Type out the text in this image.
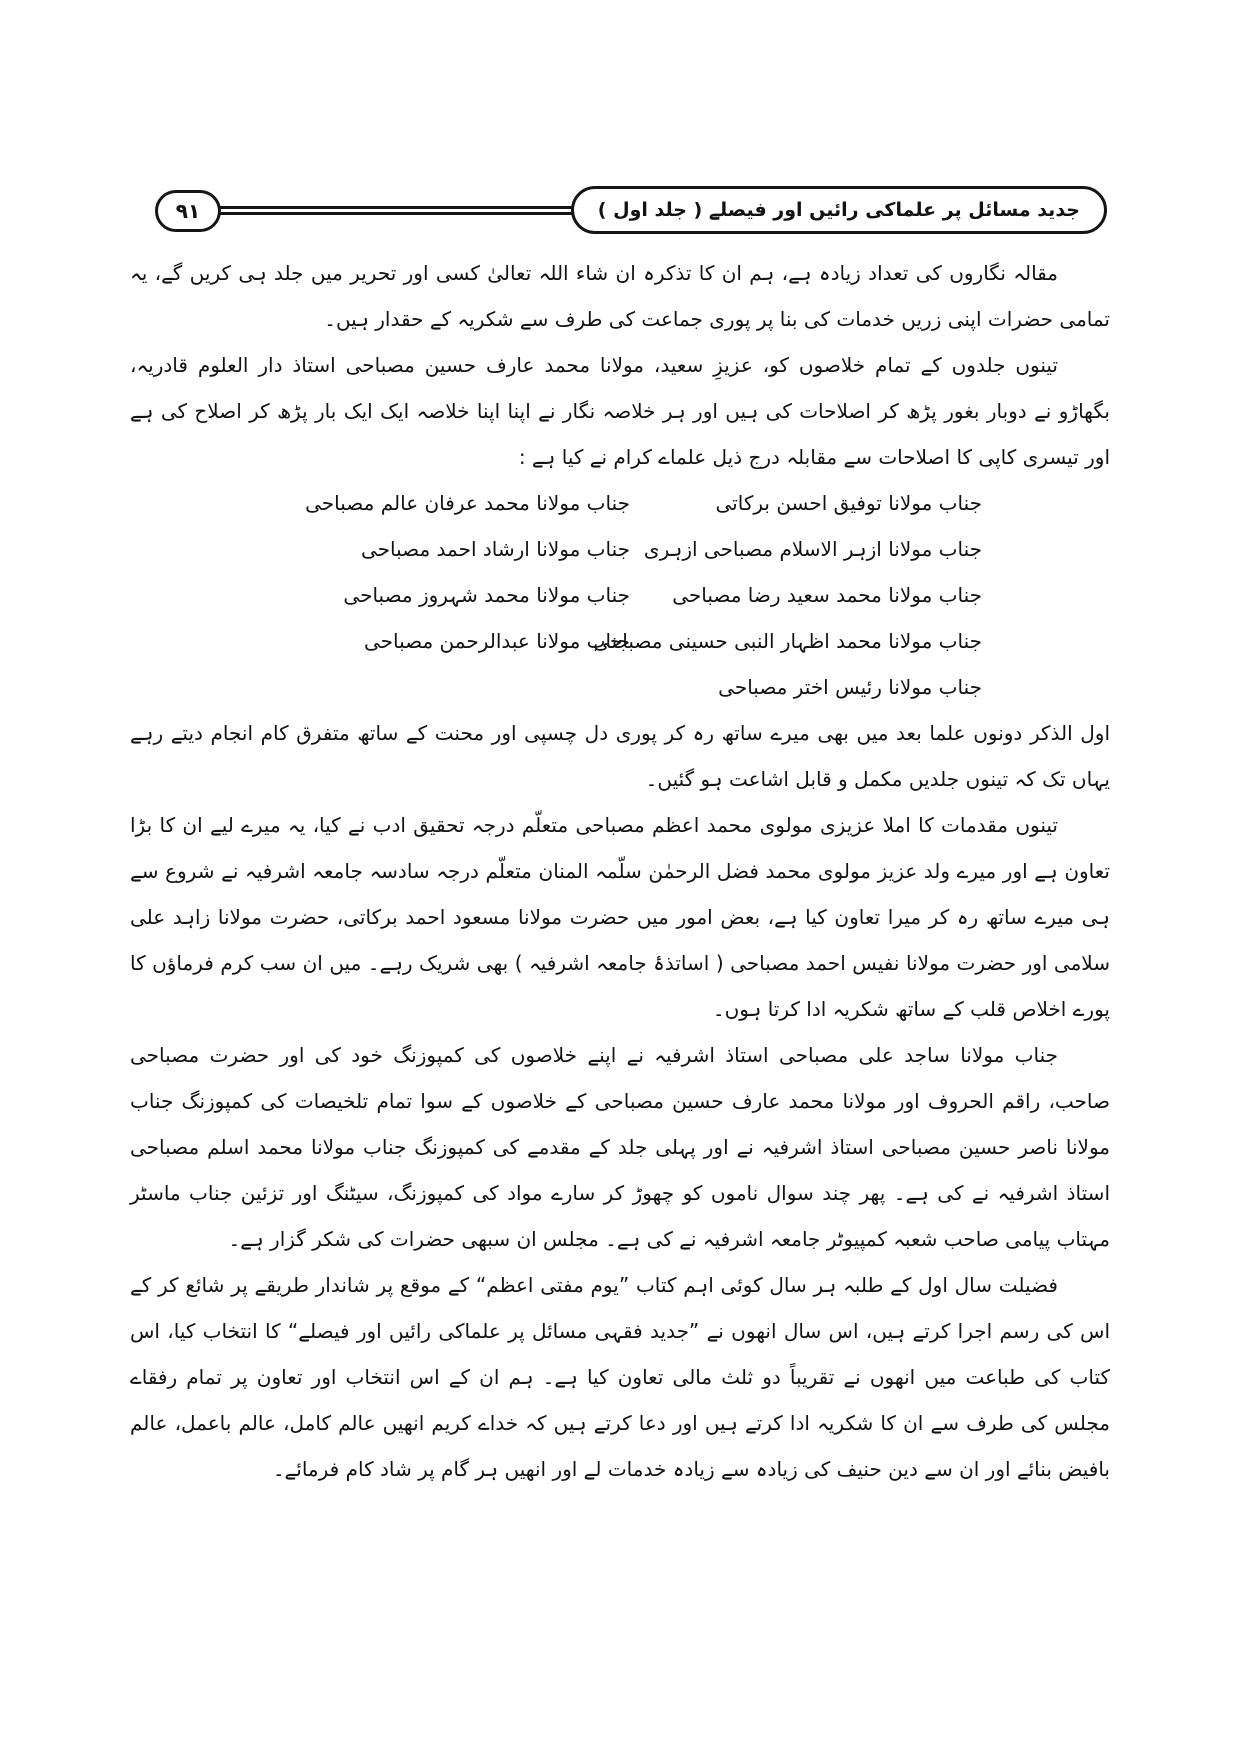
۹۱	جدید مسائل پر علماکی رائیں اور فیصلے ( جلد اول )

مقالہ نگاروں کی تعداد زیادہ ہے، ہم ان کا تذکرہ ان شاء اللہ تعالیٰ کسی اور تحریر میں جلد ہی کریں گے، یہ تمامی حضرات اپنی زریں خدمات کی بنا پر پوری جماعت کی طرف سے شکریہ کے حقدار ہیں۔

تینوں جلدوں کے تمام خلاصوں کو، عزیزِ سعید، مولانا محمد عارف حسین مصباحی استاذ دار العلوم قادریہ، بگھاڑو نے دوبار بغور پڑھ کر اصلاحات کی ہیں اور ہر خلاصہ نگار نے اپنا اپنا خلاصہ ایک ایک بار پڑھ کر اصلاح کی ہے اور تیسری کاپی کا اصلاحات سے مقابلہ درج ذیل علماے کرام نے کیا ہے :

جناب مولانا توفیق احسن برکاتی
جناب مولانا محمد عرفان عالم مصباحی
جناب مولانا ازہر الاسلام مصباحی ازہری
جناب مولانا ارشاد احمد مصباحی
جناب مولانا محمد سعید رضا مصباحی
جناب مولانا محمد شہروز مصباحی
جناب مولانا محمد اظہار النبی حسینی مصباحی
جناب مولانا عبدالرحمن مصباحی
جناب مولانا رئیس اختر مصباحی

اول الذکر دونوں علما بعد میں بھی میرے ساتھ رہ کر پوری دل چسپی اور محنت کے ساتھ متفرق کام انجام دیتے رہے یہاں تک کہ تینوں جلدیں مکمل و قابل اشاعت ہو گئیں۔

تینوں مقدمات کا املا عزیزی مولوی محمد اعظم مصباحی متعلّم درجہ تحقیق ادب نے کیا، یہ میرے لیے ان کا بڑا تعاون ہے اور میرے ولد عزیز مولوی محمد فضل الرحمٰن سلّمہ المنان متعلّم درجہ سادسہ جامعہ اشرفیہ نے شروع سے ہی میرے ساتھ رہ کر میرا تعاون کیا ہے، بعض امور میں حضرت مولانا مسعود احمد برکاتی، حضرت مولانا زاہد علی سلامی اور حضرت مولانا نفیس احمد مصباحی ( اساتذۂ جامعہ اشرفیہ ) بھی شریک رہے۔ میں ان سب کرم فرماؤں کا پورے اخلاص قلب کے ساتھ شکریہ ادا کرتا ہوں۔

جناب مولانا ساجد علی مصباحی استاذ اشرفیہ نے اپنے خلاصوں کی کمپوزنگ خود کی اور حضرت مصباحی صاحب، راقم الحروف اور مولانا محمد عارف حسین مصباحی کے خلاصوں کے سوا تمام تلخیصات کی کمپوزنگ جناب مولانا ناصر حسین مصباحی استاذ اشرفیہ نے اور پہلی جلد کے مقدمے کی کمپوزنگ جناب مولانا محمد اسلم مصباحی استاذ اشرفیہ نے کی ہے۔ پھر چند سوال ناموں کو چھوڑ کر سارے مواد کی کمپوزنگ، سیٹنگ اور تزئین جناب ماسٹر مہتاب پیامی صاحب شعبہ کمپیوٹر جامعہ اشرفیہ نے کی ہے۔ مجلس ان سبھی حضرات کی شکر گزار ہے۔

فضیلت سال اول کے طلبہ ہر سال کوئی اہم کتاب ”یوم مفتی اعظم“ کے موقع پر شاندار طریقے پر شائع کر کے اس کی رسم اجرا کرتے ہیں، اس سال انھوں نے ”جدید فقہی مسائل پر علماکی رائیں اور فیصلے“ کا انتخاب کیا، اس کتاب کی طباعت میں انھوں نے تقریباً دو ثلث مالی تعاون کیا ہے۔ ہم ان کے اس انتخاب اور تعاون پر تمام رفقاے مجلس کی طرف سے ان کا شکریہ ادا کرتے ہیں اور دعا کرتے ہیں کہ خداے کریم انھیں عالم کامل، عالم باعمل، عالم بافیض بنائے اور ان سے دین حنیف کی زیادہ سے زیادہ خدمات لے اور انھیں ہر گام پر شاد کام فرمائے۔
